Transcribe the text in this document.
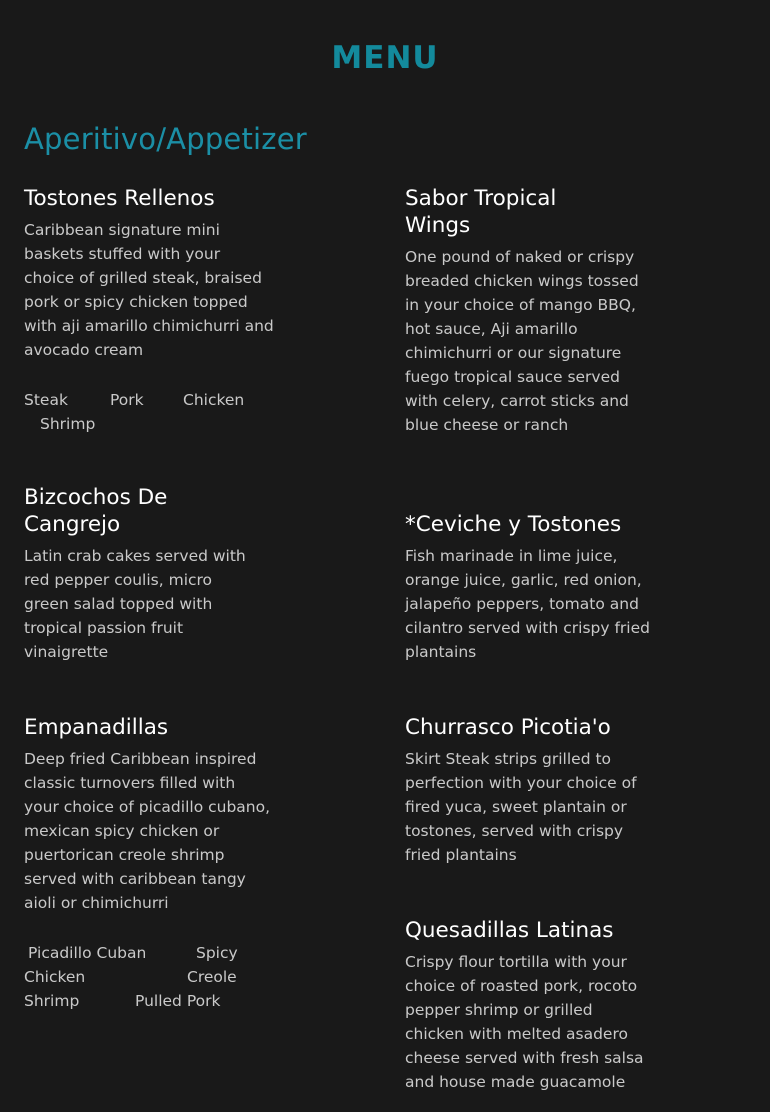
MENU
Aperitivo/Appetizer
Tostones Rellenos
Caribbean signature mini baskets stuffed with your choice of grilled steak, braised pork or spicy chicken topped with aji amarillo chimichurri and avocado cream

Steak

	Pork

	Chicken

Shrimp

Bizcochos De Cangrejo
Latin crab cakes served with red pepper coulis, micro green salad topped with tropical passion fruit vinaigrette
Empanadillas
Deep fried Caribbean inspired classic turnovers filled with your choice of picadillo cubano, mexican spicy chicken or puertorican creole shrimp served with caribbean tangy aioli or chimichurri

Picadillo Cuban

	Spicy

Chicken

	Creole

Shrimp

	Pulled Pork

Sabor Tropical Wings
One pound of naked or crispy breaded chicken wings tossed in your choice of mango BBQ, hot sauce, Aji amarillo chimichurri or our signature fuego tropical sauce served with celery, carrot sticks and blue cheese or ranch
*Ceviche y Tostones
Fish marinade in lime juice, orange juice, garlic, red onion, jalapeño peppers, tomato and cilantro served with crispy fried plantains
Churrasco Picotia'o
Skirt Steak strips grilled to perfection with your choice of fired yuca, sweet plantain or tostones, served with crispy fried plantains
Quesadillas Latinas
Crispy flour tortilla with your choice of roasted pork, rocoto pepper shrimp or grilled chicken with melted asadero cheese served with fresh salsa and house made guacamole
